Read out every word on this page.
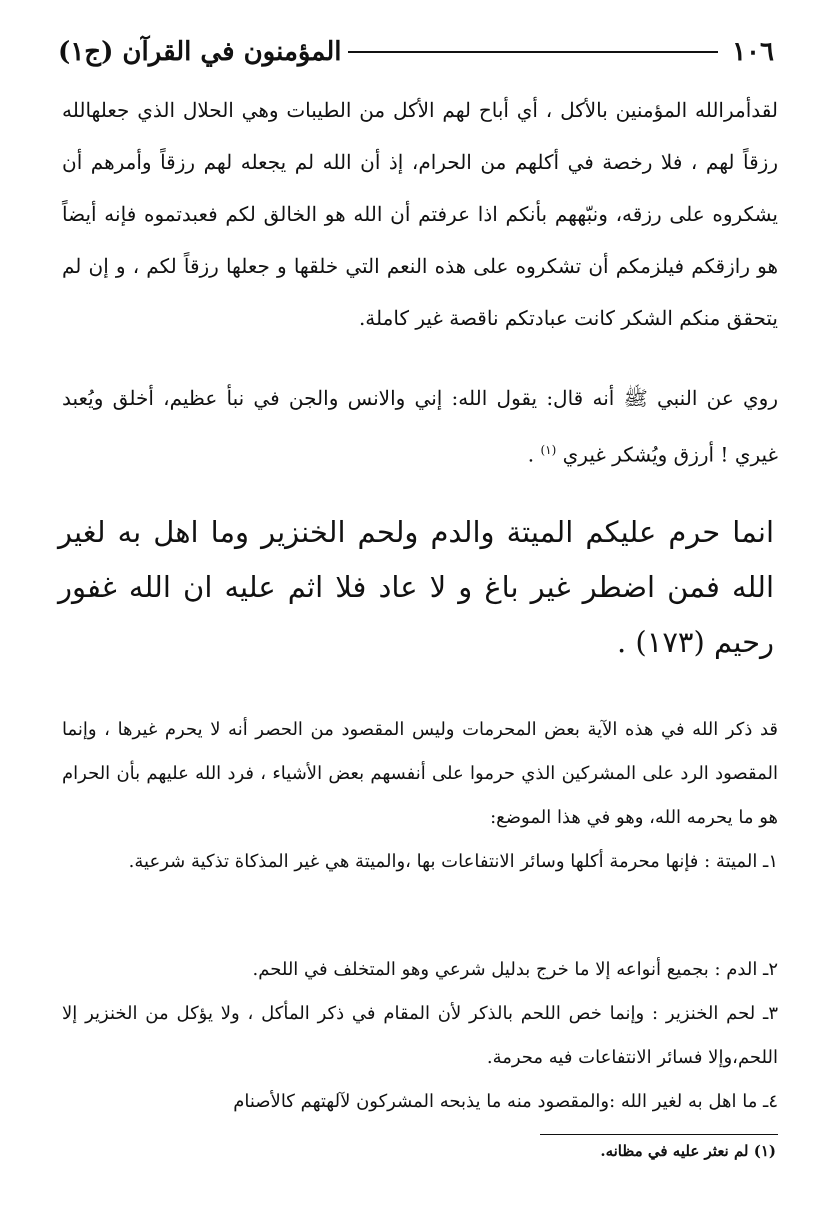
١٠٦
المؤمنون في القرآن (ج١)
لقدأمرالله المؤمنين بالأكل ، أي أباح لهم الأكل من الطيبات وهي الحلال الذي جعلهالله رزقاً لهم ، فلا رخصة في أكلهم من الحرام، إذ أن الله لم يجعله لهم رزقاً وأمرهم أن يشكروه على رزقه، ونبّههم بأنكم اذا عرفتم أن الله هو الخالق لكم فعبدتموه فإنه أيضاً هو رازقكم فيلزمكم أن تشكروه على هذه النعم التي خلقها و جعلها رزقاً لكم ، و إن لم يتحقق منكم الشكر كانت عبادتكم ناقصة غير كاملة.
روي عن النبي ﷺ أنه قال: يقول الله: إني والانس والجن في نبأ عظيم، أخلق ويُعبد غيري ! أرزق ويُشكر غيري $^{(١)}$ .
انما حرم عليكم الميتة والدم ولحم الخنزير وما اهل به لغير الله فمن اضطر غير باغ و لا عاد فلا اثم عليه ان الله غفور رحيم (١٧٣) .
قد ذكر الله في هذه الآية بعض المحرمات وليس المقصود من الحصر أنه لا يحرم غيرها ، وإنما المقصود الرد على المشركين الذي حرموا على أنفسهم بعض الأشياء ، فرد الله عليهم بأن الحرام هو ما يحرمه الله، وهو في هذا الموضع:
١ـ الميتة : فإنها محرمة أكلها وسائر الانتفاعات بها ،والميتة هي غير المذكاة تذكية شرعية.
٢ـ الدم : بجميع أنواعه إلا ما خرج بدليل شرعي وهو المتخلف في اللحم.
٣ـ لحم الخنزير : وإنما خص اللحم بالذكر لأن المقام في ذكر المأكل ، ولا يؤكل من الخنزير إلا اللحم،وإلا فسائر الانتفاعات فيه محرمة.
٤ـ ما اهل به لغير الله :والمقصود منه ما يذبحه المشركون لآلهتهم كالأصنام
(١) لم نعثر عليه في مظانه.
